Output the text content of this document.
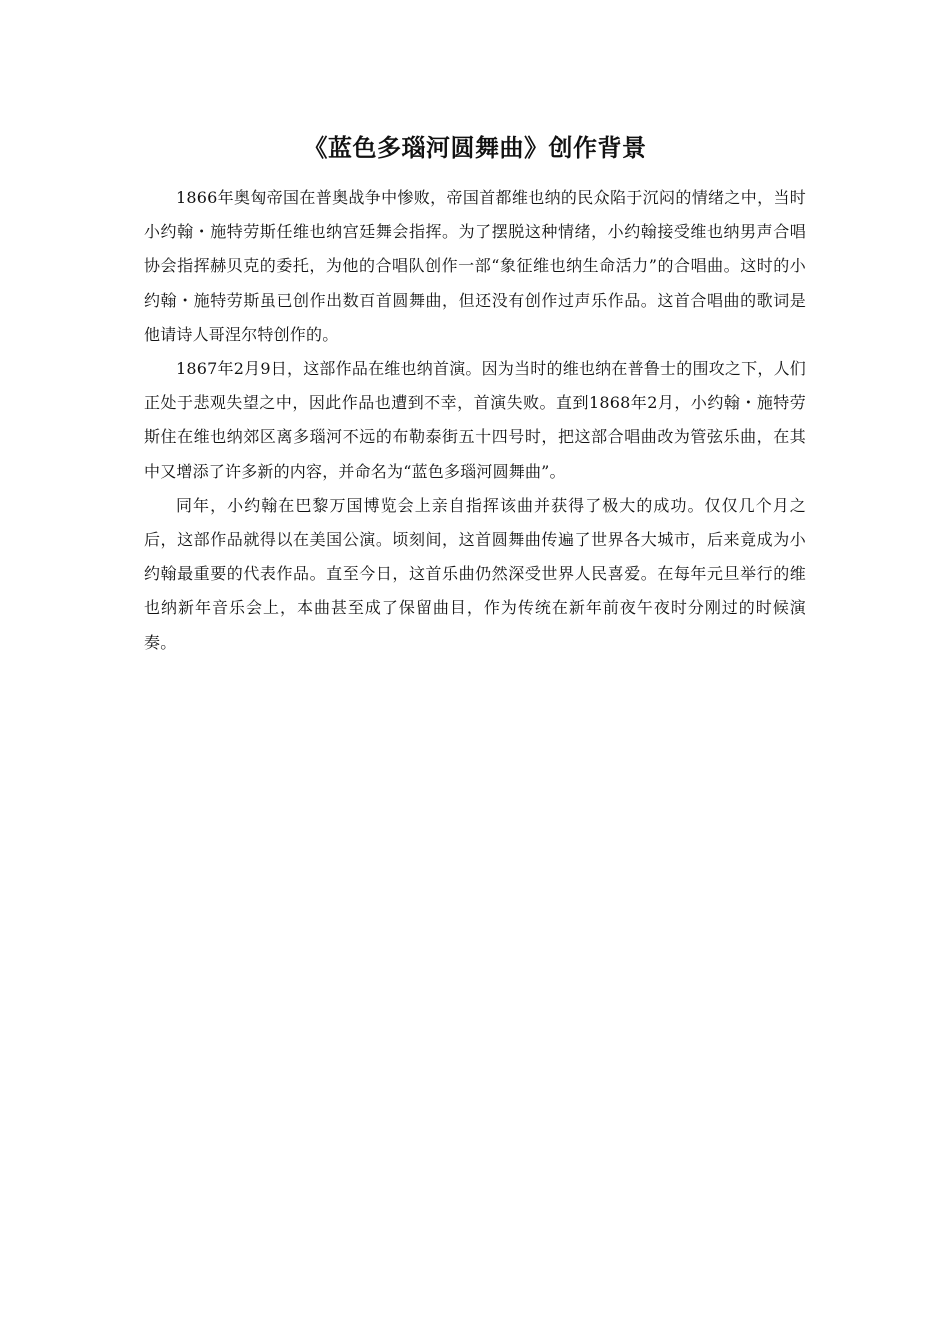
《蓝色多瑙河圆舞曲》创作背景

1866年奥匈帝国在普奥战争中惨败，帝国首都维也纳的民众陷于沉闷的情绪之中，当时小约翰・施特劳斯任维也纳宫廷舞会指挥。为了摆脱这种情绪，小约翰接受维也纳男声合唱协会指挥赫贝克的委托，为他的合唱队创作一部“象征维也纳生命活力”的合唱曲。这时的小约翰・施特劳斯虽已创作出数百首圆舞曲，但还没有创作过声乐作品。这首合唱曲的歌词是他请诗人哥涅尔特创作的。

1867年2月9日，这部作品在维也纳首演。因为当时的维也纳在普鲁士的围攻之下，人们正处于悲观失望之中，因此作品也遭到不幸，首演失败。直到1868年2月，小约翰・施特劳斯住在维也纳郊区离多瑙河不远的布勒泰街五十四号时，把这部合唱曲改为管弦乐曲，在其中又增添了许多新的内容，并命名为“蓝色多瑙河圆舞曲”。

同年，小约翰在巴黎万国博览会上亲自指挥该曲并获得了极大的成功。仅仅几个月之后，这部作品就得以在美国公演。顷刻间，这首圆舞曲传遍了世界各大城市，后来竟成为小约翰最重要的代表作品。直至今日，这首乐曲仍然深受世界人民喜爱。在每年元旦举行的维也纳新年音乐会上，本曲甚至成了保留曲目，作为传统在新年前夜午夜时分刚过的时候演奏。
